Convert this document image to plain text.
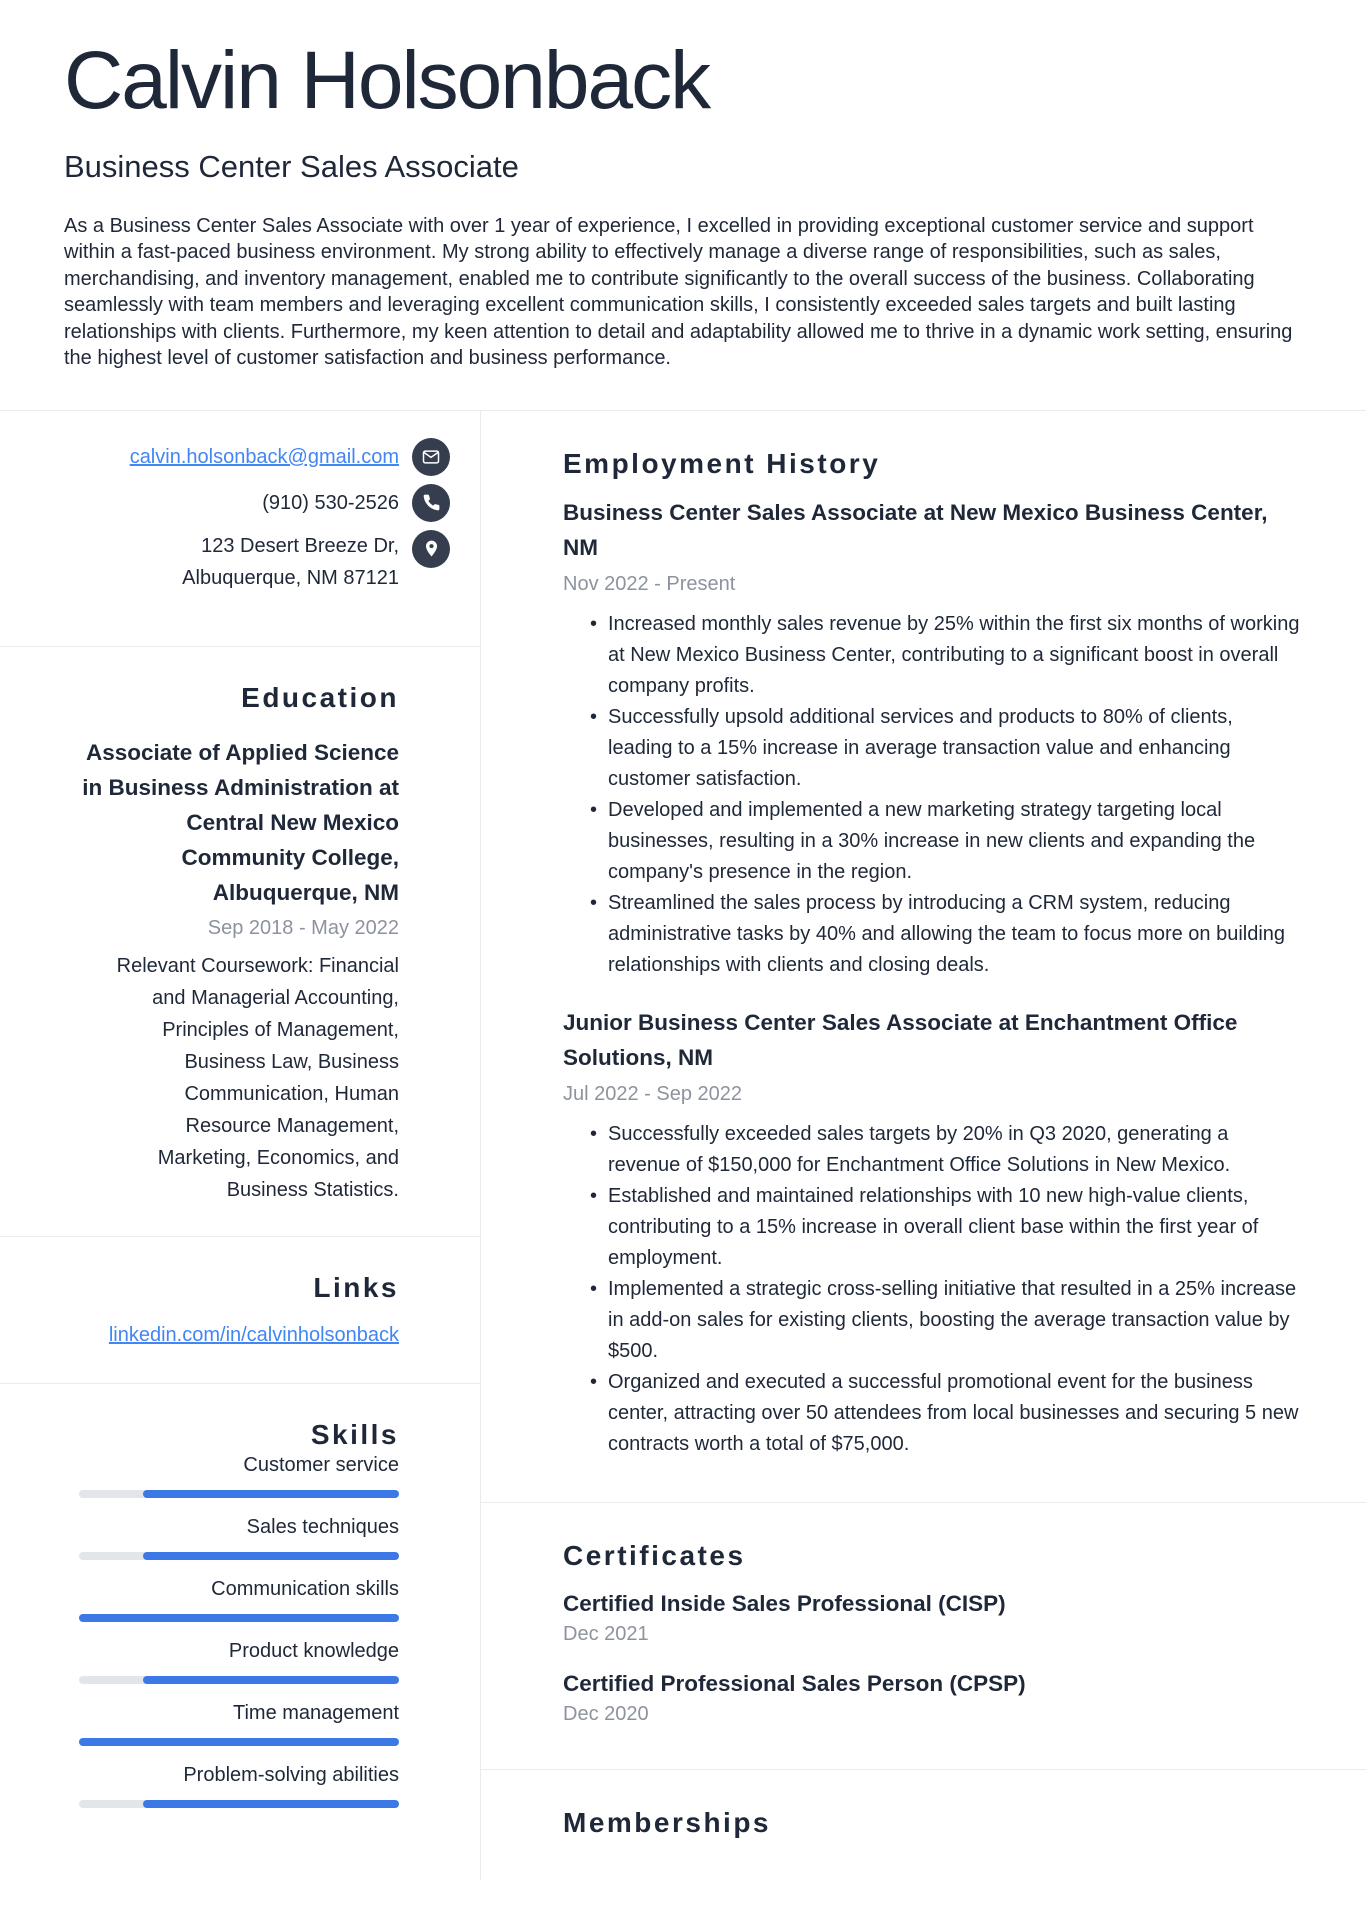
Calvin Holsonback
Business Center Sales Associate
As a Business Center Sales Associate with over 1 year of experience, I excelled in providing exceptional customer service and support within a fast-paced business environment. My strong ability to effectively manage a diverse range of responsibilities, such as sales, merchandising, and inventory management, enabled me to contribute significantly to the overall success of the business. Collaborating seamlessly with team members and leveraging excellent communication skills, I consistently exceeded sales targets and built lasting relationships with clients. Furthermore, my keen attention to detail and adaptability allowed me to thrive in a dynamic work setting, ensuring the highest level of customer satisfaction and business performance.
calvin.holsonback@gmail.com
(910) 530-2526
123 Desert Breeze Dr,
Albuquerque, NM 87121
Education
Associate of Applied Science in Business Administration at Central New Mexico Community College, Albuquerque, NM
Sep 2018 - May 2022
Relevant Coursework: Financial and Managerial Accounting, Principles of Management, Business Law, Business Communication, Human Resource Management, Marketing, Economics, and Business Statistics.
Links
linkedin.com/in/calvinholsonback
Skills
Customer service
Sales techniques
Communication skills
Product knowledge
Time management
Problem-solving abilities
Employment History
Business Center Sales Associate at New Mexico Business Center, NM
Nov 2022 - Present
• Increased monthly sales revenue by 25% within the first six months of working at New Mexico Business Center, contributing to a significant boost in overall company profits.
• Successfully upsold additional services and products to 80% of clients, leading to a 15% increase in average transaction value and enhancing customer satisfaction.
• Developed and implemented a new marketing strategy targeting local businesses, resulting in a 30% increase in new clients and expanding the company's presence in the region.
• Streamlined the sales process by introducing a CRM system, reducing administrative tasks by 40% and allowing the team to focus more on building relationships with clients and closing deals.
Junior Business Center Sales Associate at Enchantment Office Solutions, NM
Jul 2022 - Sep 2022
• Successfully exceeded sales targets by 20% in Q3 2020, generating a revenue of $150,000 for Enchantment Office Solutions in New Mexico.
• Established and maintained relationships with 10 new high-value clients, contributing to a 15% increase in overall client base within the first year of employment.
• Implemented a strategic cross-selling initiative that resulted in a 25% increase in add-on sales for existing clients, boosting the average transaction value by $500.
• Organized and executed a successful promotional event for the business center, attracting over 50 attendees from local businesses and securing 5 new contracts worth a total of $75,000.
Certificates
Certified Inside Sales Professional (CISP)
Dec 2021
Certified Professional Sales Person (CPSP)
Dec 2020
Memberships
